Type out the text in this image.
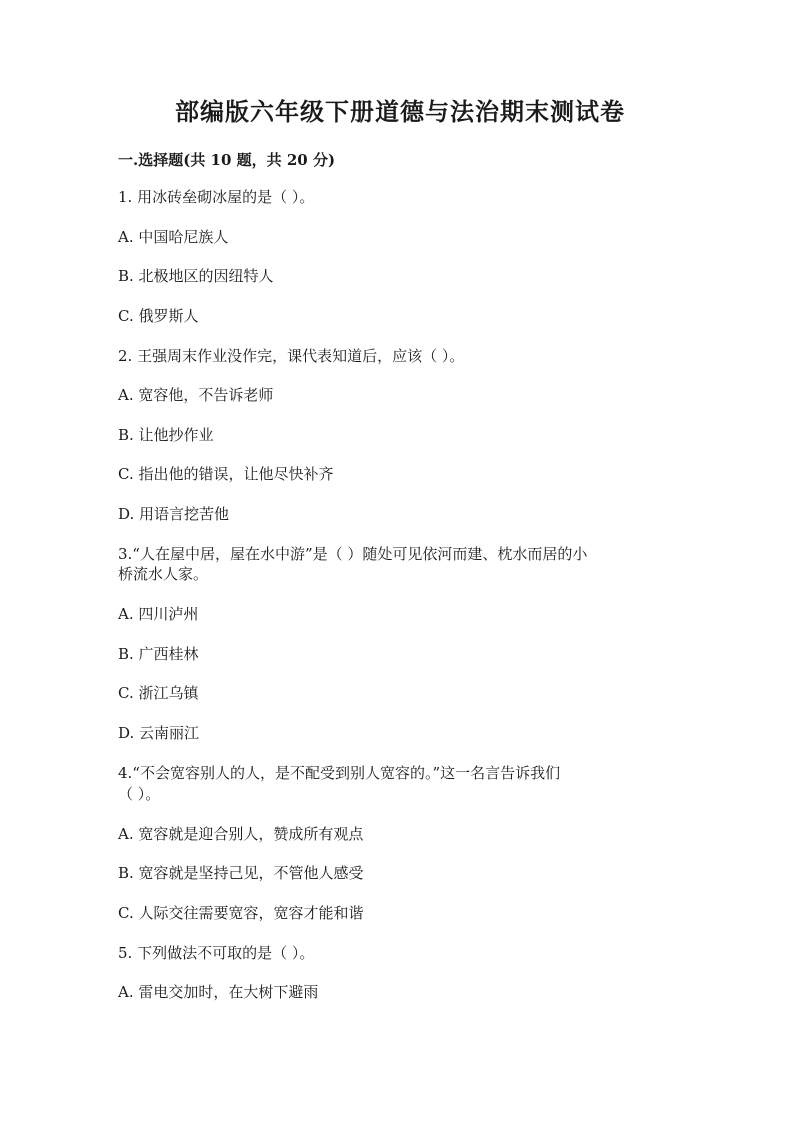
部编版六年级下册道德与法治期末测试卷
一.选择题(共 10 题，共 20 分)
1. 用冰砖垒砌冰屋的是（ ）。
A. 中国哈尼族人
B. 北极地区的因纽特人
C. 俄罗斯人
2. 王强周末作业没作完，课代表知道后，应该（ ）。
A. 宽容他，不告诉老师
B. 让他抄作业
C. 指出他的错误，让他尽快补齐
D. 用语言挖苦他
3.“人在屋中居，屋在水中游”是（ ）随处可见依河而建、枕水而居的小
桥流水人家。
A. 四川泸州
B. 广西桂林
C. 浙江乌镇
D. 云南丽江
4.“不会宽容别人的人，是不配受到别人宽容的。”这一名言告诉我们
（ ）。
A. 宽容就是迎合别人，赞成所有观点
B. 宽容就是坚持己见，不管他人感受
C. 人际交往需要宽容，宽容才能和谐
5. 下列做法不可取的是（ ）。
A. 雷电交加时，在大树下避雨
